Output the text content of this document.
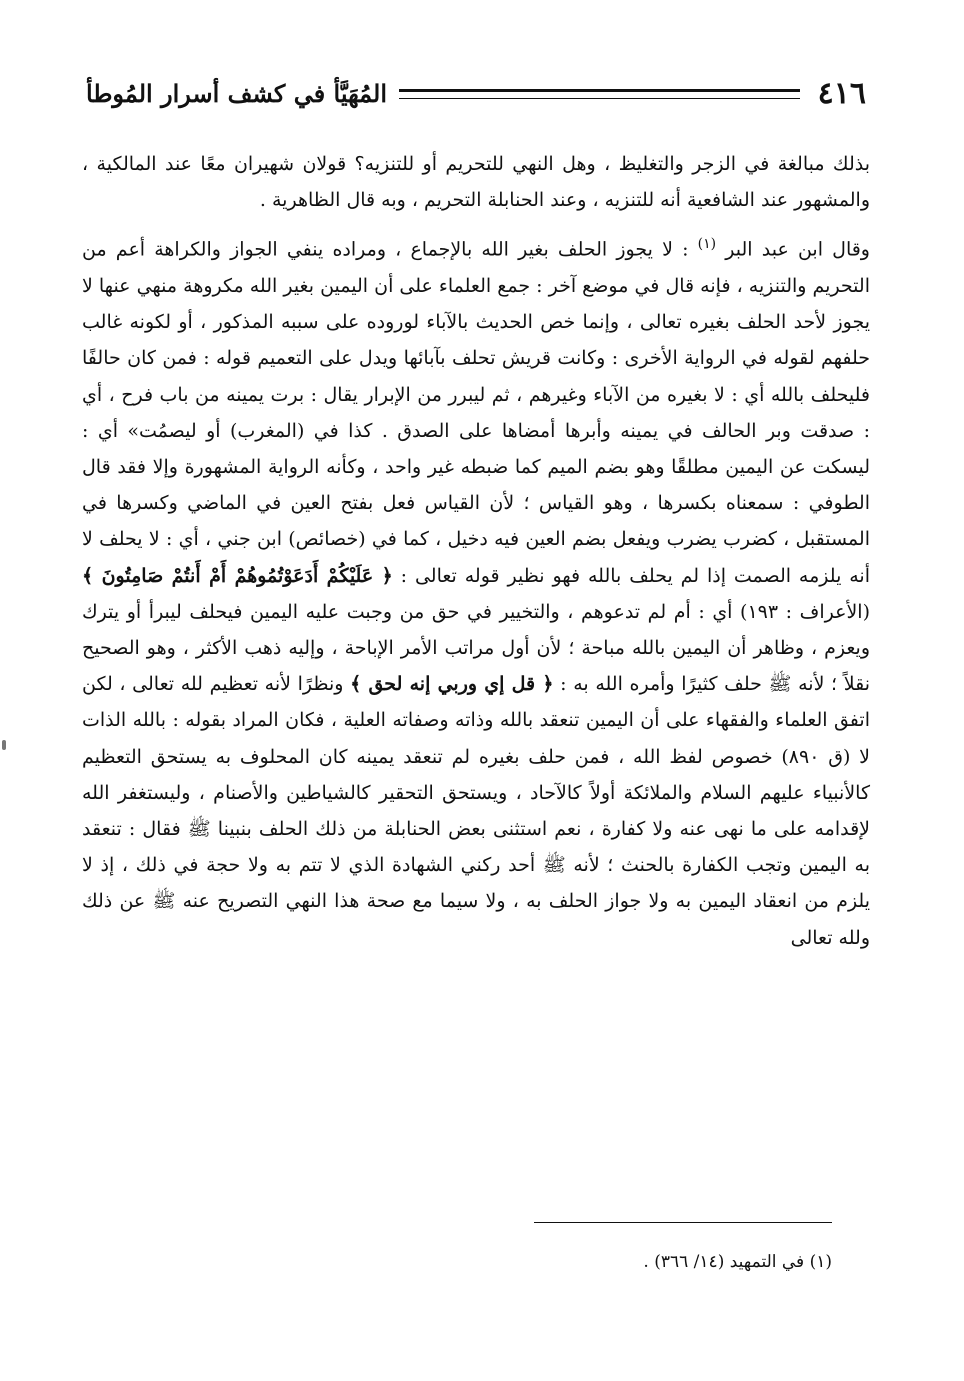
٤١٦
المُهَيَّأ في كشف أسرار المُوطأ
بذلك مبالغة في الزجر والتغليظ ، وهل النهي للتحريم أو للتنزيه؟ قولان شهيران معًا عند المالكية ، والمشهور عند الشافعية أنه للتنزيه ، وعند الحنابلة التحريم ، وبه قال الظاهرية .
وقال ابن عبد البر $^{(١)}$ : لا يجوز الحلف بغير الله بالإجماع ، ومراده ينفي الجواز والكراهة أعم من التحريم والتنزيه ، فإنه قال في موضع آخر : جمع العلماء على أن اليمين بغير الله مكروهة منهي عنها لا يجوز لأحد الحلف بغيره تعالى ، وإنما خص الحديث بالآباء لوروده على سببه المذكور ، أو لكونه غالب حلفهم لقوله في الرواية الأخرى : وكانت قريش تحلف بآبائها ويدل على التعميم قوله : فمن كان حالفًا فليحلف بالله أي : لا بغيره من الآباء وغيرهم ، ثم ليبرر من الإبرار يقال : برت يمينه من باب فرح ، أي : صدقت وبر الحالف في يمينه وأبرها أمضاها على الصدق . كذا في (المغرب) أو ليصمُت» أي : ليسكت عن اليمين مطلقًا وهو بضم الميم كما ضبطه غير واحد ، وكأنه الرواية المشهورة وإلا فقد قال الطوفي : سمعناه بكسرها ، وهو القياس ؛ لأن القياس فعل بفتح العين في الماضي وكسرها في المستقبل ، كضرب يضرب ويفعل بضم العين فيه دخيل ، كما في (خصائص) ابن جني ، أي : لا يحلف لا أنه يلزمه الصمت إذا لم يحلف بالله فهو نظير قوله تعالى : ﴿ عَلَيْكُمْ أَدَعَوْتُمُوهُمْ أَمْ أَنتُمْ صَامِتُونَ ﴾ (الأعراف : ١٩٣) أي : أم لم تدعوهم ، والتخيير في حق من وجبت عليه اليمين فيحلف ليبرأ أو يترك ويعزم ، وظاهر أن اليمين بالله مباحة ؛ لأن أول مراتب الأمر الإباحة ، وإليه ذهب الأكثر ، وهو الصحيح نقلاً ؛ لأنه ﷺ حلف كثيرًا وأمره الله به : ﴿ قل إي وربي إنه لحق ﴾ ونظرًا لأنه تعظيم لله تعالى ، لكن اتفق العلماء والفقهاء على أن اليمين تنعقد بالله وذاته وصفاته العلية ، فكان المراد بقوله : بالله الذات لا (ق ٨٩٠) خصوص لفظ الله ، فمن حلف بغيره لم تنعقد يمينه كان المحلوف به يستحق التعظيم كالأنبياء عليهم السلام والملائكة أولاً كالآحاد ، ويستحق التحقير كالشياطين والأصنام ، وليستغفر الله لإقدامه على ما نهى عنه ولا كفارة ، نعم استثنى بعض الحنابلة من ذلك الحلف بنبينا ﷺ فقال : تنعقد به اليمين وتجب الكفارة بالحنث ؛ لأنه ﷺ أحد ركني الشهادة الذي لا تتم به ولا حجة في ذلك ، إذ لا يلزم من انعقاد اليمين به ولا جواز الحلف به ، ولا سيما مع صحة هذا النهي التصريح عنه ﷺ عن ذلك ولله تعالى
(١) في التمهيد (١٤/ ٣٦٦) .
